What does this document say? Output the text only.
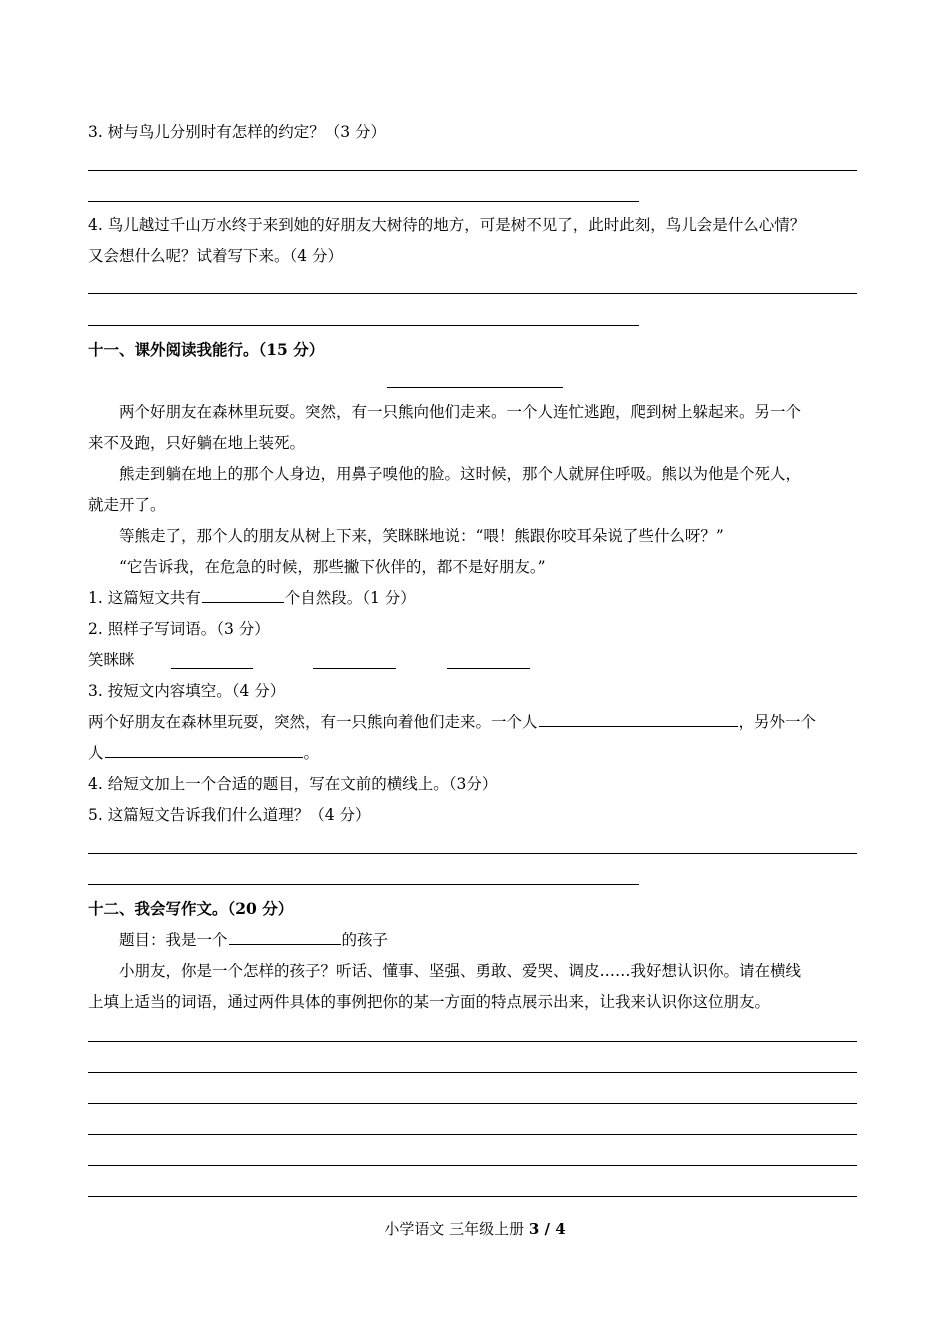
3. 树与鸟儿分别时有怎样的约定？（3 分）
4. 鸟儿越过千山万水终于来到她的好朋友大树待的地方，可是树不见了，此时此刻，鸟儿会是什么心情？
又会想什么呢？试着写下来。（4 分）
十一、课外阅读我能行。（15 分）
两个好朋友在森林里玩耍。突然，有一只熊向他们走来。一个人连忙逃跑，爬到树上躲起来。另一个
来不及跑，只好躺在地上装死。
熊走到躺在地上的那个人身边，用鼻子嗅他的脸。这时候，那个人就屏住呼吸。熊以为他是个死人，
就走开了。
等熊走了，那个人的朋友从树上下来，笑眯眯地说：“喂！熊跟你咬耳朵说了些什么呀？”
“它告诉我，在危急的时候，那些撇下伙伴的，都不是好朋友。”
1. 这篇短文共有	个自然段。（1 分）
2. 照样子写词语。（3 分）
笑眯眯
3. 按短文内容填空。（4 分）
两个好朋友在森林里玩耍，突然，有一只熊向着他们走来。一个人	，另外一个
人	。
4. 给短文加上一个合适的题目，写在文前的横线上。（3分）
5. 这篇短文告诉我们什么道理？（4 分）
十二、我会写作文。（20 分）
题目：我是一个	的孩子
小朋友，你是一个怎样的孩子？听话、懂事、坚强、勇敢、爱哭、调皮……我好想认识你。请在横线
上填上适当的词语，通过两件具体的事例把你的某一方面的特点展示出来，让我来认识你这位朋友。
小学语文 三年级上册 3 / 4
